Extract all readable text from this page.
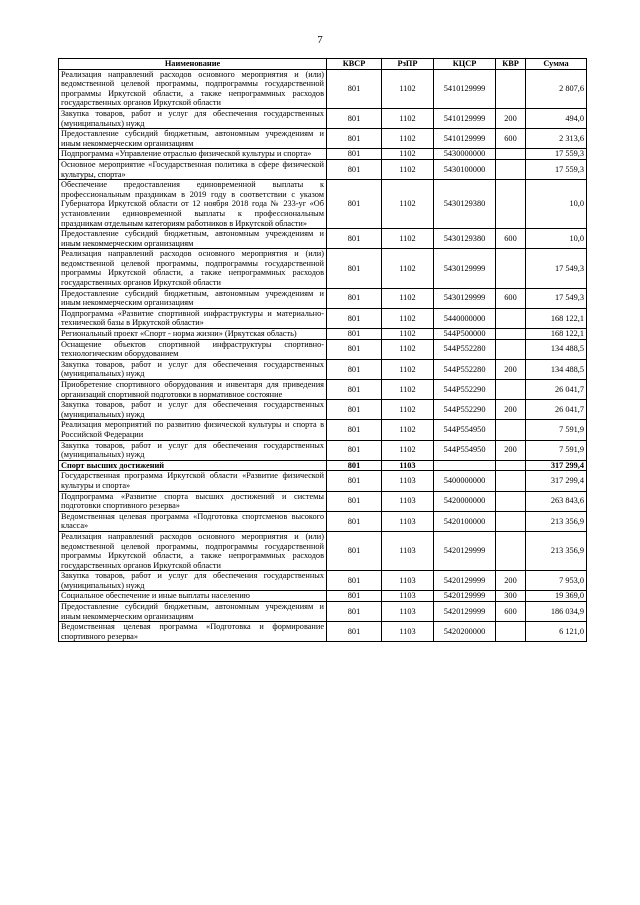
7
Наименование	КВСР	РзПР	КЦСР	КВР	Сумма
Реализация направлений расходов основного мероприятия и (или) ведомственной целевой программы, подпрограммы государственной программы Иркутской области, а также непрограммных расходов государственных органов Иркутской области	801	1102	5410129999		2 807,6
Закупка товаров, работ и услуг для обеспечения государственных (муниципальных) нужд	801	1102	5410129999	200	494,0
Предоставление субсидий бюджетным, автономным учреждениям и иным некоммерческим организациям	801	1102	5410129999	600	2 313,6
Подпрограмма «Управление отраслью физической культуры и спорта»	801	1102	5430000000		17 559,3
Основное мероприятие «Государственная политика в сфере физической культуры, спорта»	801	1102	5430100000		17 559,3
Обеспечение предоставления единовременной выплаты к профессиональным праздникам в 2019 году в соответствии с указом Губернатора Иркутской области от 12 ноября 2018 года № 233-уг «Об установлении единовременной выплаты к профессиональным праздникам отдельным категориям работников в Иркутской области»	801	1102	5430129380		10,0
Предоставление субсидий бюджетным, автономным учреждениям и иным некоммерческим организациям	801	1102	5430129380	600	10,0
Реализация направлений расходов основного мероприятия и (или) ведомственной целевой программы, подпрограммы государственной программы Иркутской области, а также непрограммных расходов государственных органов Иркутской области	801	1102	5430129999		17 549,3
Предоставление субсидий бюджетным, автономным учреждениям и иным некоммерческим организациям	801	1102	5430129999	600	17 549,3
Подпрограмма «Развитие спортивной инфраструктуры и материально- технической базы в Иркутской области»	801	1102	5440000000		168 122,1
Региональный проект «Спорт - норма жизни» (Иркутская область)	801	1102	544P500000		168 122,1
Оснащение объектов спортивной инфраструктуры спортивно-технологическим оборудованием	801	1102	544P552280		134 488,5
Закупка товаров, работ и услуг для обеспечения государственных (муниципальных) нужд	801	1102	544P552280	200	134 488,5
Приобретение спортивного оборудования и инвентаря для приведения организаций спортивной подготовки в нормативное состояние	801	1102	544P552290		26 041,7
Закупка товаров, работ и услуг для обеспечения государственных (муниципальных) нужд	801	1102	544P552290	200	26 041,7
Реализация мероприятий по развитию физической культуры и спорта в Российской Федерации	801	1102	544P554950		7 591,9
Закупка товаров, работ и услуг для обеспечения государственных (муниципальных) нужд	801	1102	544P554950	200	7 591,9
Спорт высших достижений	801	1103			317 299,4
Государственная программа Иркутской области «Развитие физической культуры и спорта»	801	1103	5400000000		317 299,4
Подпрограмма «Развитие спорта высших достижений и системы подготовки спортивного резерва»	801	1103	5420000000		263 843,6
Ведомственная целевая программа «Подготовка спортсменов высокого класса»	801	1103	5420100000		213 356,9
Реализация направлений расходов основного мероприятия и (или) ведомственной целевой программы, подпрограммы государственной программы Иркутской области, а также непрограммных расходов государственных органов Иркутской области	801	1103	5420129999		213 356,9
Закупка товаров, работ и услуг для обеспечения государственных (муниципальных) нужд	801	1103	5420129999	200	7 953,0
Социальное обеспечение и иные выплаты населению	801	1103	5420129999	300	19 369,0
Предоставление субсидий бюджетным, автономным учреждениям и иным некоммерческим организациям	801	1103	5420129999	600	186 034,9
Ведомственная целевая программа «Подготовка и формирование спортивного резерва»	801	1103	5420200000		6 121,0
